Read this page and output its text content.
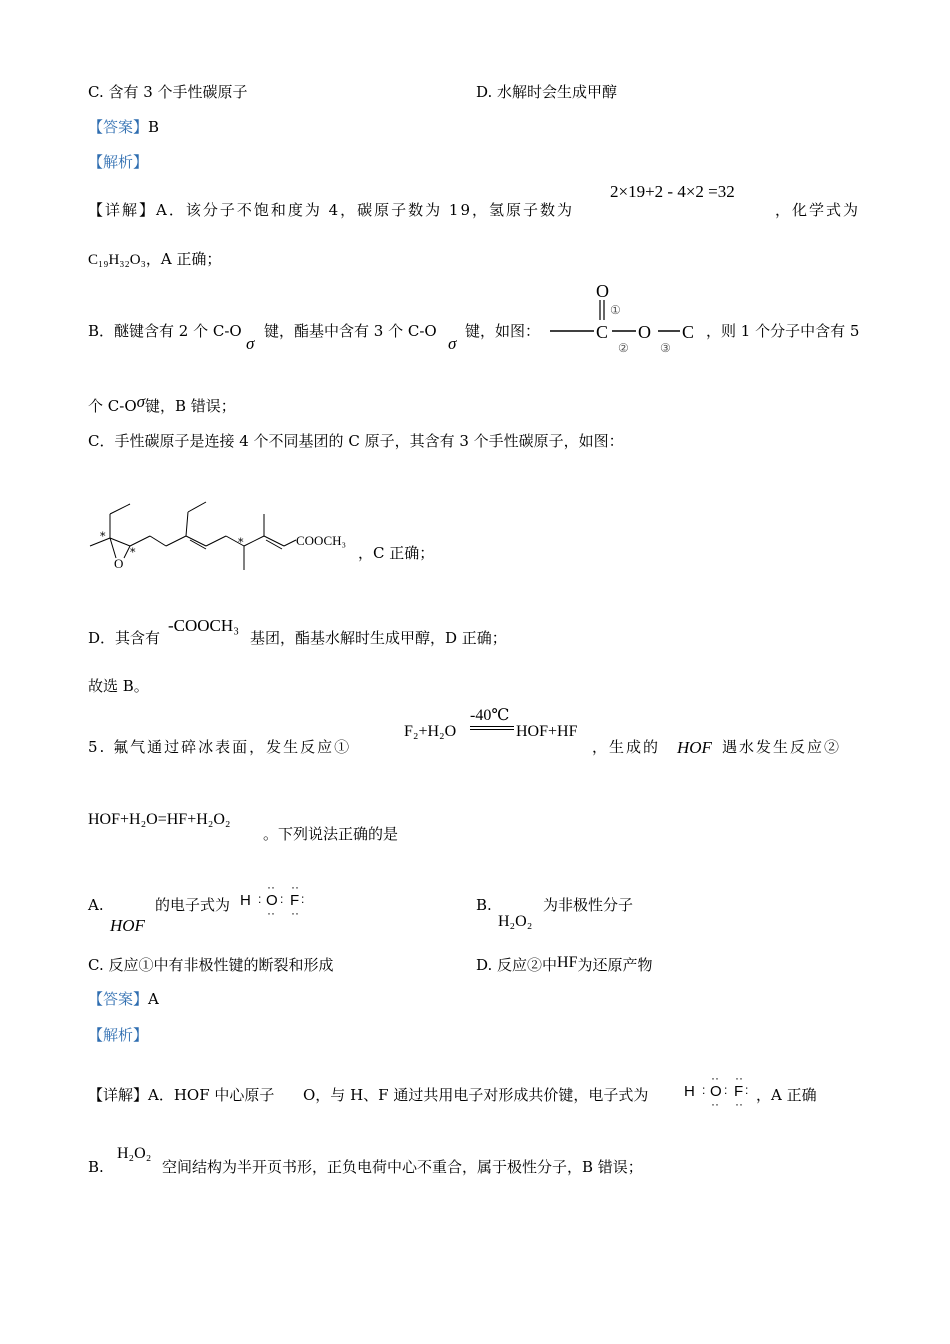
C. 含有 3 个手性碳原子	D. 水解时会生成甲醇
【答案】B
【解析】
【详解】A．该分子不饱和度为 4，碳原子数为 19，氢原子数为
2×19+2 - 4×2 =32
，化学式为
C₁₉H₃₂O₃，A 正确；
B．醚键含有 2 个 C-O
σ
键，酯基中含有 3 个 C-O
σ
键，如图：
O
C O C
①
②	③
，则 1 个分子中含有 5
个 C-Oσ键，B 错误；
C．手性碳原子是连接 4 个不同基团的 C 原子，其含有 3 个手性碳原子，如图：
*
*
*
O
COOCH₃
，C 正确；
D．其含有
-COOCH₃
基团，酯基水解时生成甲醇，D 正确；
故选 B。
5. 氟气通过碎冰表面，发生反应①
F₂+H₂O
-40℃
HOF+HF
，生成的 HOF 遇水发生反应②
HOF+H₂O=HF+H₂O₂
。下列说法正确的是
A.
HOF
的电子式为 H : O
··
··
: F
··
··
:	B.
H₂O₂
为非极性分子
C. 反应①中有非极性键的断裂和形成	D. 反应②中HF为还原产物
【答案】A
【解析】
【详解】A．HOF 中心原子 O，与 H、F 通过共用电子对形成共价键，电子式为 H : O
··
··
: F
··
··
: ，A 正确
B.
H₂O₂
空间结构为半开页书形，正负电荷中心不重合，属于极性分子，B 错误；
